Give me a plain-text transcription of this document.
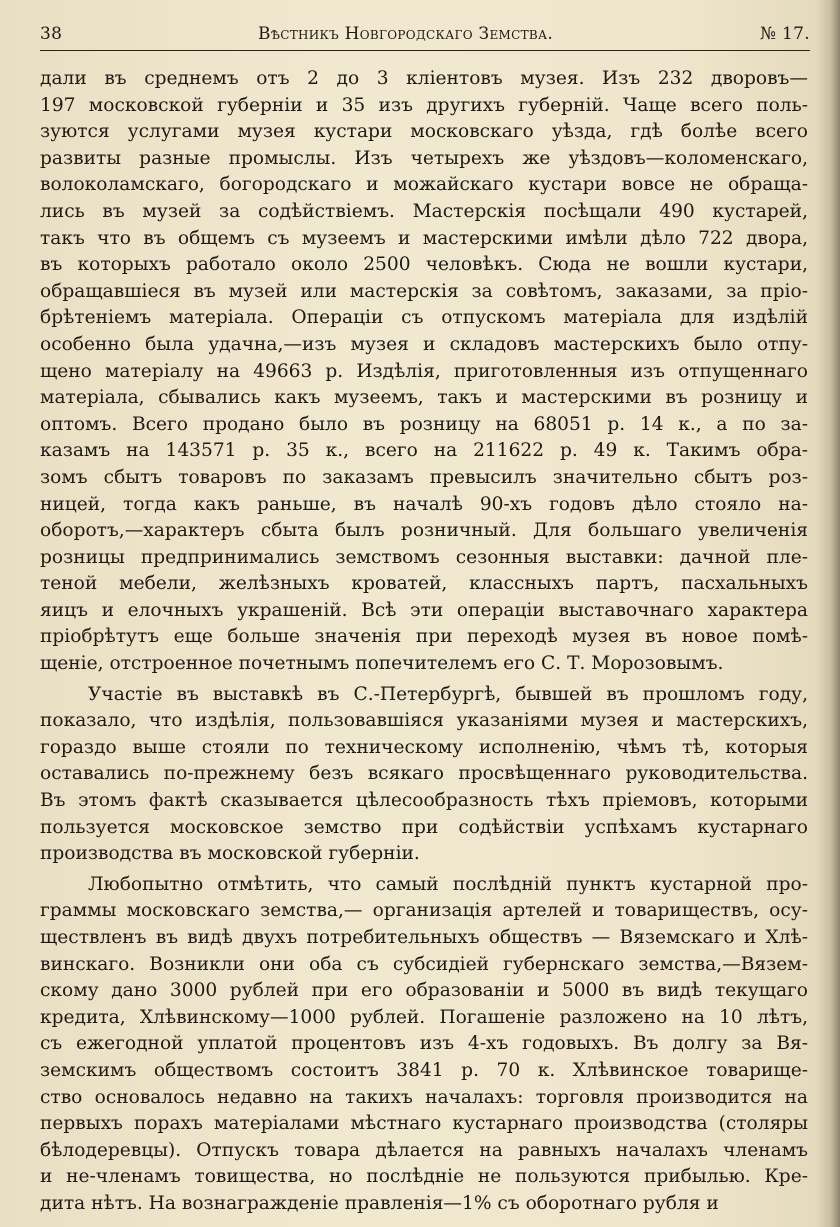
38	Вѣстникъ Новгородскаго Земства.	№ 17.
дали въ среднемъ отъ 2 до 3 кліентовъ музея. Изъ 232 дворовъ—
197 московской губерніи и 35 изъ другихъ губерній. Чаще всего поль-
зуются услугами музея кустари московскаго уѣзда, гдѣ болѣе всего
развиты разные промыслы. Изъ четырехъ же уѣздовъ—коломенскаго,
волоколамскаго, богородскаго и можайскаго кустари вовсе не обраща-
лись въ музей за содѣйствіемъ. Мастерскія посѣщали 490 кустарей,
такъ что въ общемъ съ музеемъ и мастерскими имѣли дѣло 722 двора,
въ которыхъ работало около 2500 человѣкъ. Сюда не вошли кустари,
обращавшіеся въ музей или мастерскія за совѣтомъ, заказами, за прiо-
брѣтеніемъ матеріала. Операціи съ отпускомъ матеріала для издѣлій
особенно была удачна,—изъ музея и складовъ мастерскихъ было отпу-
щено матеріалу на 49663 р. Издѣлія, приготовленныя изъ отпущеннаго
матеріала, сбывались какъ музеемъ, такъ и мастерскими въ розницу и
оптомъ. Всего продано было въ розницу на 68051 р. 14 к., а по за-
казамъ на 143571 р. 35 к., всего на 211622 р. 49 к. Такимъ обра-
зомъ сбытъ товаровъ по заказамъ превысилъ значительно сбытъ роз-
ницей, тогда какъ раньше, въ началѣ 90-хъ годовъ дѣло стояло на-
оборотъ,—характеръ сбыта былъ розничный. Для большаго увеличенія
розницы предпринимались земствомъ сезонныя выставки: дачной пле-
теной мебели, желѣзныхъ кроватей, классныхъ партъ, пасхальныхъ
яицъ и елочныхъ украшеній. Всѣ эти операціи выставочнаго характера
пріобрѣтутъ еще больше значенія при переходѣ музея въ новое помѣ-
щеніе, отстроенное почетнымъ попечителемъ его С. Т. Морозовымъ.
Участіе въ выставкѣ въ С.-Петербургѣ, бывшей въ прошломъ году,
показало, что издѣлія, пользовавшіяся указаніями музея и мастерскихъ,
гораздо выше стояли по техническому исполненію, чѣмъ тѣ, которыя
оставались по-прежнему безъ всякаго просвѣщеннаго руководительства.
Въ этомъ фактѣ сказывается цѣлесообразность тѣхъ пріемовъ, которыми
пользуется московское земство при содѣйствіи успѣхамъ кустарнаго
производства въ московской губерніи.
Любопытно отмѣтить, что самый послѣдній пунктъ кустарной про-
граммы московскаго земства,— организація артелей и товариществъ, осу-
ществленъ въ видѣ двухъ потребительныхъ обществъ — Вяземскаго и Хлѣ-
винскаго. Возникли они оба съ субсидіей губернскаго земства,—Вязем-
скому дано 3000 рублей при его образованіи и 5000 въ видѣ текущаго
кредита, Хлѣвинскому—1000 рублей. Погашеніе разложено на 10 лѣтъ,
съ ежегодной уплатой процентовъ изъ 4-хъ годовыхъ. Въ долгу за Вя-
земскимъ обществомъ состоитъ 3841 р. 70 к. Хлѣвинское товарище-
ство основалось недавно на такихъ началахъ: торговля производится на
первыхъ порахъ матеріалами мѣстнаго кустарнаго производства (столяры
бѣлодеревцы). Отпускъ товара дѣлается на равныхъ началахъ членамъ
и не-членамъ товищества, но послѣдніе не пользуются прибылью. Кре-
дита нѣтъ. На вознагражденіе правленія—1% съ оборотнаго рубля и
